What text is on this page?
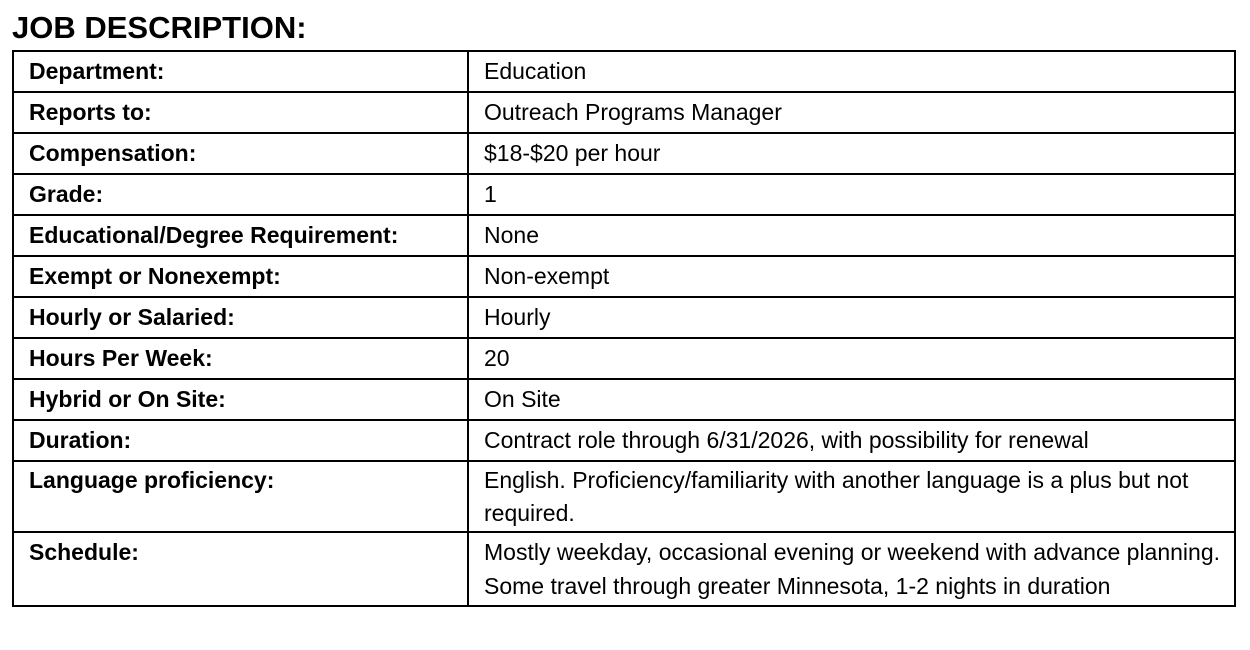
JOB DESCRIPTION:
Department:	Education
Reports to:	Outreach Programs Manager
Compensation:	$18-$20 per hour
Grade:	1
Educational/Degree Requirement:	None
Exempt or Nonexempt:	Non-exempt
Hourly or Salaried:	Hourly
Hours Per Week:	20
Hybrid or On Site:	On Site
Duration:	Contract role through 6/31/2026, with possibility for renewal
Language proficiency:	English. Proficiency/familiarity with another language is a plus but not required.
Schedule:	Mostly weekday, occasional evening or weekend with advance planning. Some travel through greater Minnesota, 1-2 nights in duration
